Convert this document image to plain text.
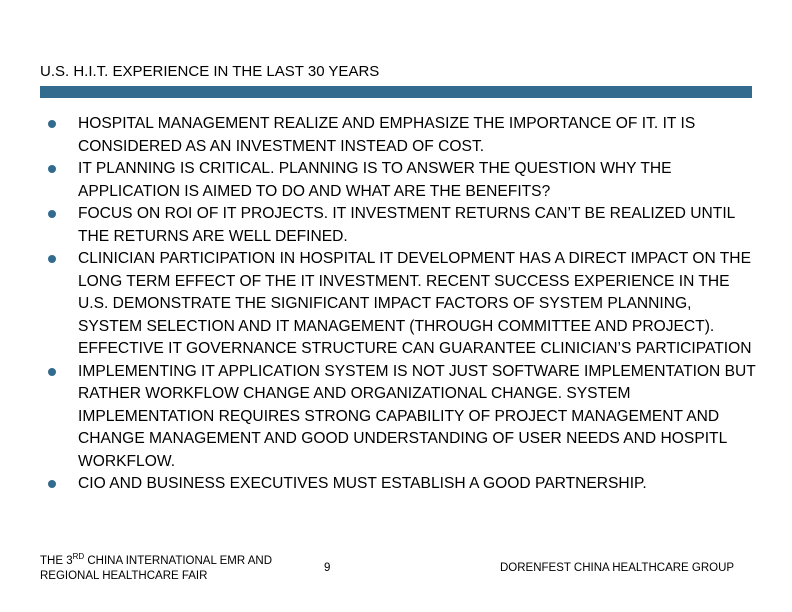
U.S. H.I.T. EXPERIENCE IN THE LAST 30 YEARS
HOSPITAL MANAGEMENT REALIZE AND EMPHASIZE THE IMPORTANCE OF IT. IT IS CONSIDERED AS AN INVESTMENT INSTEAD OF COST.
IT PLANNING IS CRITICAL. PLANNING IS TO ANSWER THE QUESTION WHY THE APPLICATION IS AIMED TO DO AND WHAT ARE THE BENEFITS?
FOCUS ON ROI OF IT PROJECTS. IT INVESTMENT RETURNS CAN’T BE REALIZED UNTIL THE RETURNS ARE WELL DEFINED.
CLINICIAN PARTICIPATION IN HOSPITAL IT DEVELOPMENT HAS A DIRECT IMPACT ON THE LONG TERM EFFECT OF THE IT INVESTMENT. RECENT SUCCESS EXPERIENCE IN THE U.S. DEMONSTRATE THE SIGNIFICANT IMPACT FACTORS OF SYSTEM PLANNING, SYSTEM SELECTION AND IT MANAGEMENT (THROUGH COMMITTEE AND PROJECT). EFFECTIVE IT GOVERNANCE STRUCTURE CAN GUARANTEE CLINICIAN’S PARTICIPATION
IMPLEMENTING IT APPLICATION SYSTEM IS NOT JUST SOFTWARE IMPLEMENTATION BUT RATHER WORKFLOW CHANGE AND ORGANIZATIONAL CHANGE. SYSTEM IMPLEMENTATION REQUIRES STRONG CAPABILITY OF PROJECT MANAGEMENT AND CHANGE MANAGEMENT AND GOOD UNDERSTANDING OF USER NEEDS AND HOSPITL WORKFLOW.
CIO AND BUSINESS EXECUTIVES MUST ESTABLISH A GOOD PARTNERSHIP.
THE 3RD CHINA INTERNATIONAL EMR AND
REGIONAL HEALTHCARE FAIR
9	DORENFEST CHINA HEALTHCARE GROUP
